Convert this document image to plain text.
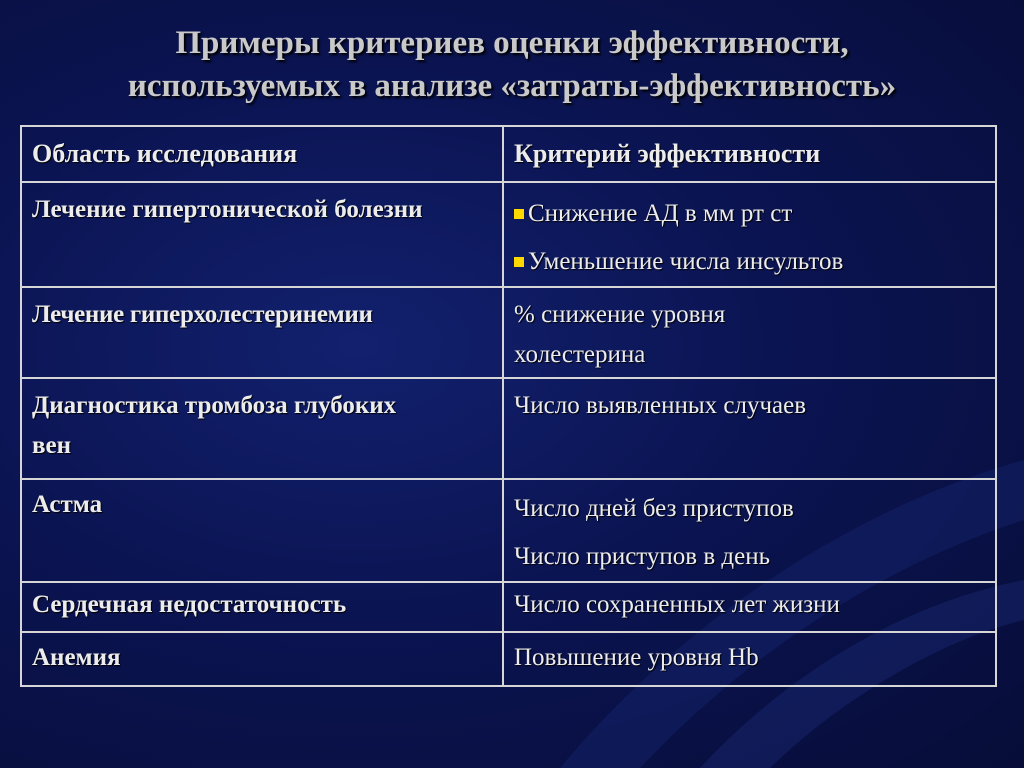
Примеры критериев оценки эффективности,
используемых в анализе «затраты-эффективность»
Область исследования	Критерий эффективности

Лечение гипертонической болезни	Снижение АД в мм рт ст
Уменьшение числа инсультов

Лечение гиперхолестеринемии	% снижение уровня холестерина

Диагностика тромбоза глубоких вен	Число выявленных случаев

Астма	Число дней без приступов
Число приступов в день

Сердечная недостаточность	Число сохраненных лет жизни

Анемия	Повышение уровня Hb
